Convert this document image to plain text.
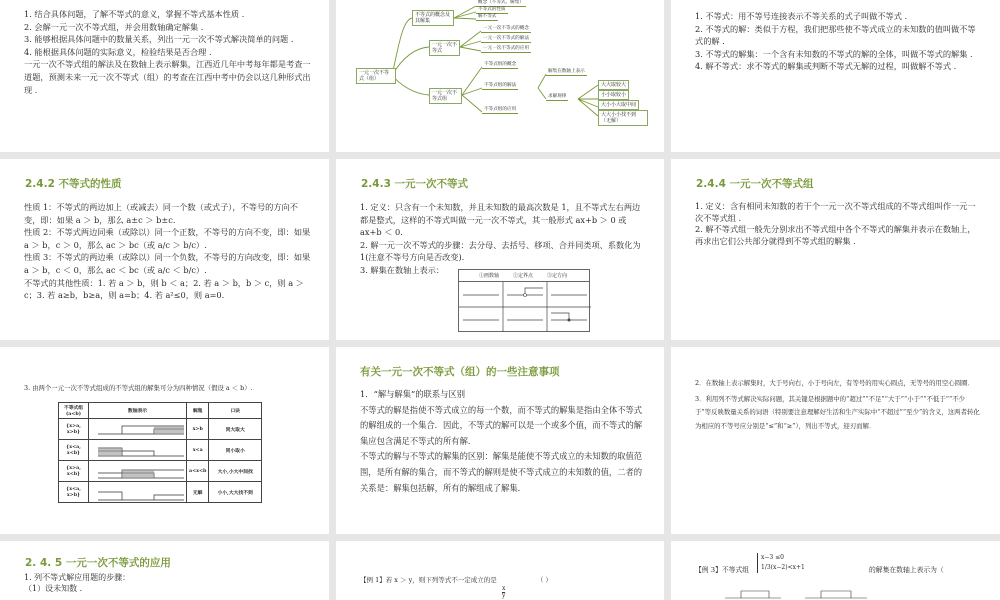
1. 结合具体问题，了解不等式的意义，掌握不等式基本性质 .

2. 会解一元一次不等式组，并会用数轴确定解集 .

3. 能够根据具体问题中的数量关系，列出一元一次不等式解决简单的问题 .

4. 能根据具体问题的实际意义，检验结果是否合理 .

一元一次不等式组的解法及在数轴上表示解集，江西近几年中考每年都是考查一道题，预测未来一元一次不等式（组）的考查在江西中考中仍会以这几种形式出现 .

一元一次不等式（组）
不等式的概念及其解集
一元一次不等式
一元一次不等式组
概念（不等式、解集）
不等式的性质
解不等式
一元一次不等式的概念
一元一次不等式的解法
一元一次不等式的应用
不等式组的概念
不等式组的解法
不等式组的应用
解集在数轴上表示
求解规律
大大取较大
小小取较小
大小小大取中间
大大小小找不到（无解）

1. 不等式：用不等号连接表示不等关系的式子叫做不等式 .

2. 不等式的解：类似于方程，我们把那些使不等式成立的未知数的值叫做不等式的解 .

3. 不等式的解集：一个含有未知数的不等式的解的全体，叫做不等式的解集 .

4. 解不等式：求不等式的解集或判断不等式无解的过程，叫做解不等式 .

2.4.2 不等式的性质

性质 1：不等式的两边加上（或减去）同一个数（或式子），不等号的方向不变，即：如果 a ＞ b，那么 a±c ＞ b±c.

性质 2：不等式两边同乘（或除以）同一个正数，不等号的方向不变，即：如果 a ＞ b，c ＞ 0，那么 ac ＞ bc（或 a/c ＞ b/c）.

性质 3：不等式的两边乘（或除以）同一个负数，不等号的方向改变，即：如果 a ＞ b，c ＜ 0，那么 ac ＜ bc（或 a/c ＜ b/c）.

不等式的其他性质：1. 若 a ＞ b，则 b ＜ a；2. 若 a ＞ b，b ＞ c，则 a ＞ c；3. 若 a≥b，b≥a，则 a=b；4. 若 a²≤0，则 a=0.

2.4.3 一元一次不等式

1. 定义：只含有一个未知数，并且未知数的最高次数是 1，且不等式左右两边都是整式，这样的不等式叫做一元一次不等式，其一般形式 ax+b ＞ 0 或 ax+b ＜ 0.

2. 解一元一次不等式的步骤：去分母、去括号、移项、合并同类项、系数化为 1(注意不等号方向是否改变).

3. 解集在数轴上表示：

①画数轴	②定界点	③定方向
2.4.4 一元一次不等式组

1. 定义：含有相同未知数的若干个一元一次不等式组成的不等式组叫作一元一次不等式组 .

2. 解不等式组一般先分别求出不等式组中各个不等式的解集并表示在数轴上，再求出它们公共部分就得到不等式组的解集 .

3. 由两个一元一次不等式组成的不等式组的解集可分为四种情况（假设 a ＜ b）.

不等式组(a<b)	数轴表示	解集	口诀
{x>a, x>b}		x>b	同大取大
{x<a, x<b}		x<a	同小取小
{x>a, x<b}		a<x<b	大小,小大中间找
{x<a, x>b}		无解	小小,大大找不到
有关一元一次不等式（组）的一些注意事项

1．“解与解集”的联系与区别

不等式的解是指使不等式成立的每一个数，而不等式的解集是指由全体不等式的解组成的一个集合．因此，不等式的解可以是一个或多个值，而不等式的解集应包含满足不等式的所有解．

不等式的解与不等式的解集的区别：解集是能使不等式成立的未知数的取值范围，是所有解的集合，而不等式的解则是使不等式成立的未知数的值，二者的关系是：解集包括解，所有的解组成了解集．

2．在数轴上表示解集时，大于号向右，小于号向左，有等号的用实心圆点，无等号的用空心圆圈．

3．利用列不等式解决实际问题，其关键是根据题中的“超过”“不足”“大于”“小于”“不低于”“不少于”等反映数量关系的词语（特别要注意理解好生活和生产实际中“不超过”“至少”的含义，这两者转化为相应的不等号应分别是“≤”和“≥”），列出不等式，迎刃而解．

2. 4. 5 一元一次不等式的应用

1. 列不等式解应用题的步骤：

（1）设未知数 .

【例 1】若 x ＞ y，则下列等式不一定成立的是	（ ）
x
y
【例 3】不等式组
x−3 ≤0
1/3(x−2)<x+1	的解集在数轴上表示为（
